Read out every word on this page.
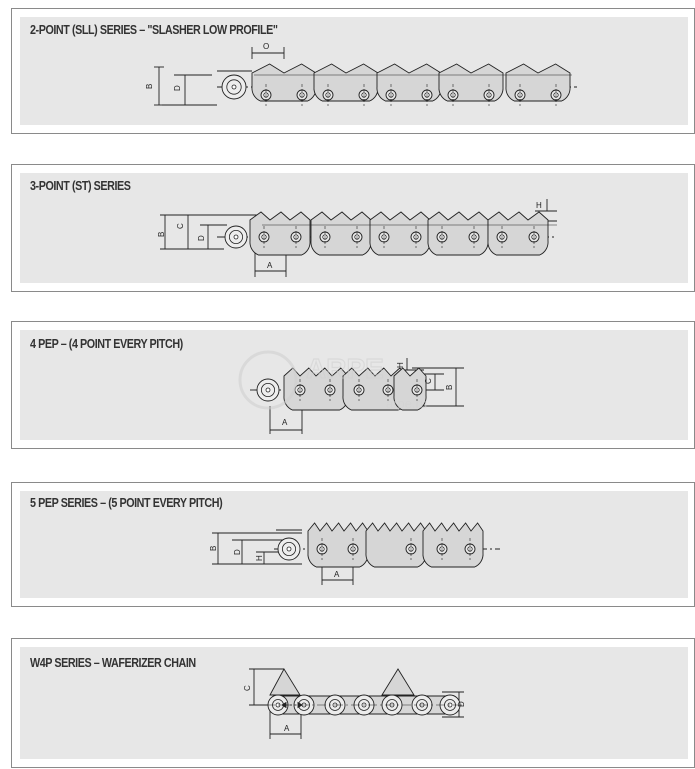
2-POINT (SLL) SERIES – "SLASHER LOW PROFILE"
B D
O
3-POINT (ST) SERIES
B
C
D
H
A
4 PEP – (4 POINT EVERY PITCH)
H
C
B
A
5 PEP SERIES – (5 POINT EVERY PITCH)
B
D
H
A
W4P SERIES – WAFERIZER CHAIN
C
A
D
ARPE
arpe.ru
